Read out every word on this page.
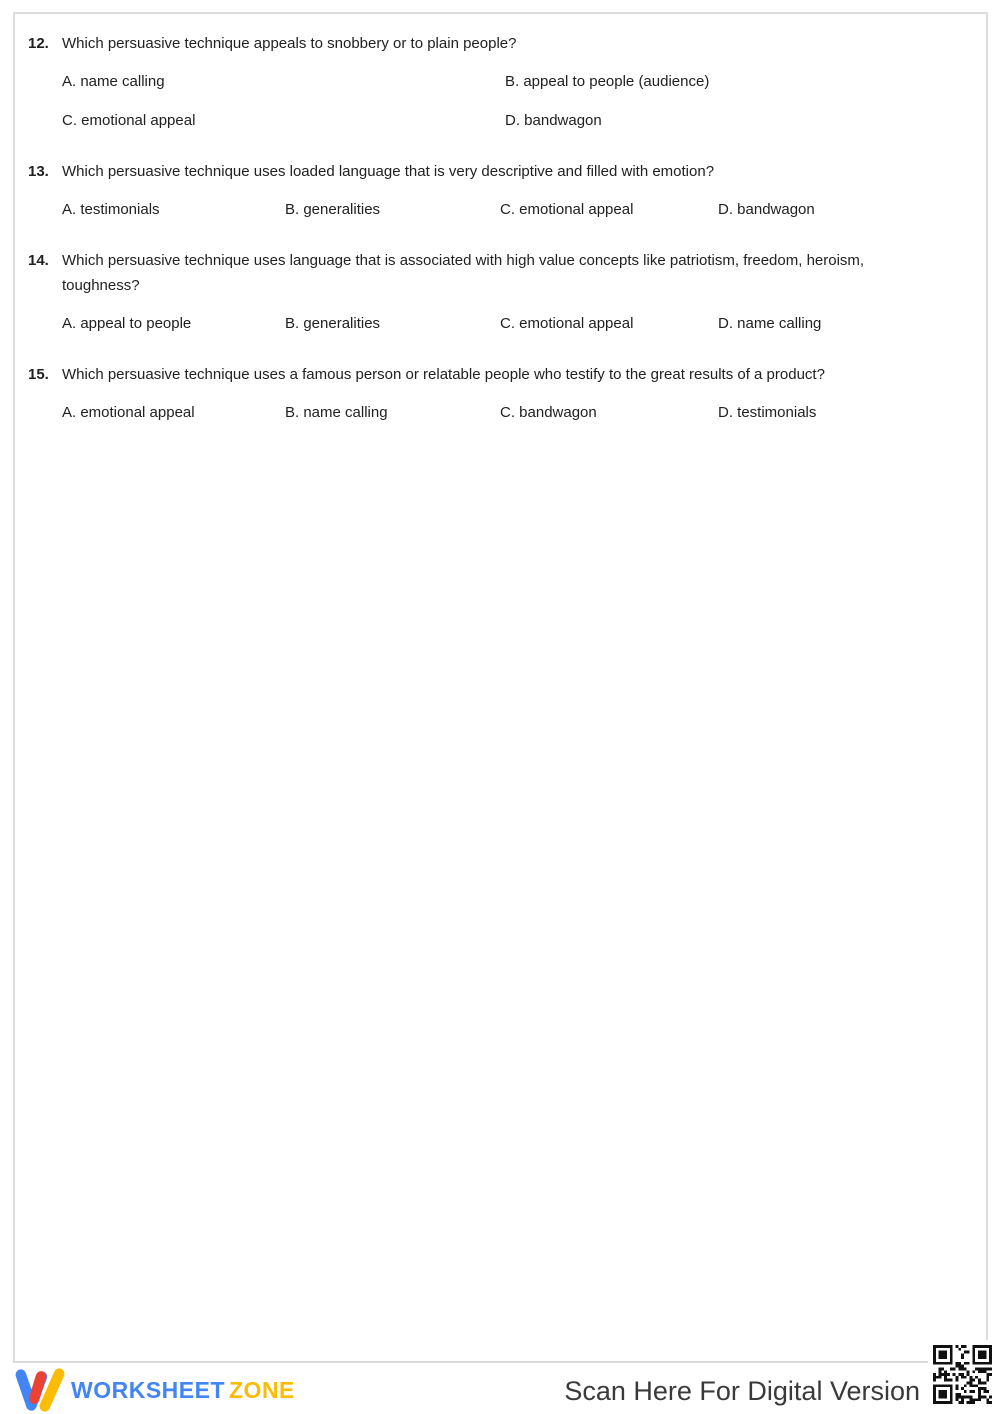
12. Which persuasive technique appeals to snobbery or to plain people?
A. name calling	B. appeal to people (audience)
C. emotional appeal	D. bandwagon
13. Which persuasive technique uses loaded language that is very descriptive and filled with emotion?
A. testimonials	B. generalities	C. emotional appeal	D. bandwagon
14. Which persuasive technique uses language that is associated with high value concepts like patriotism, freedom, heroism, toughness?
A. appeal to people	B. generalities	C. emotional appeal	D. name calling
15. Which persuasive technique uses a famous person or relatable people who testify to the great results of a product?
A. emotional appeal	B. name calling	C. bandwagon	D. testimonials
WORKSHEET ZONE	Scan Here For Digital Version
